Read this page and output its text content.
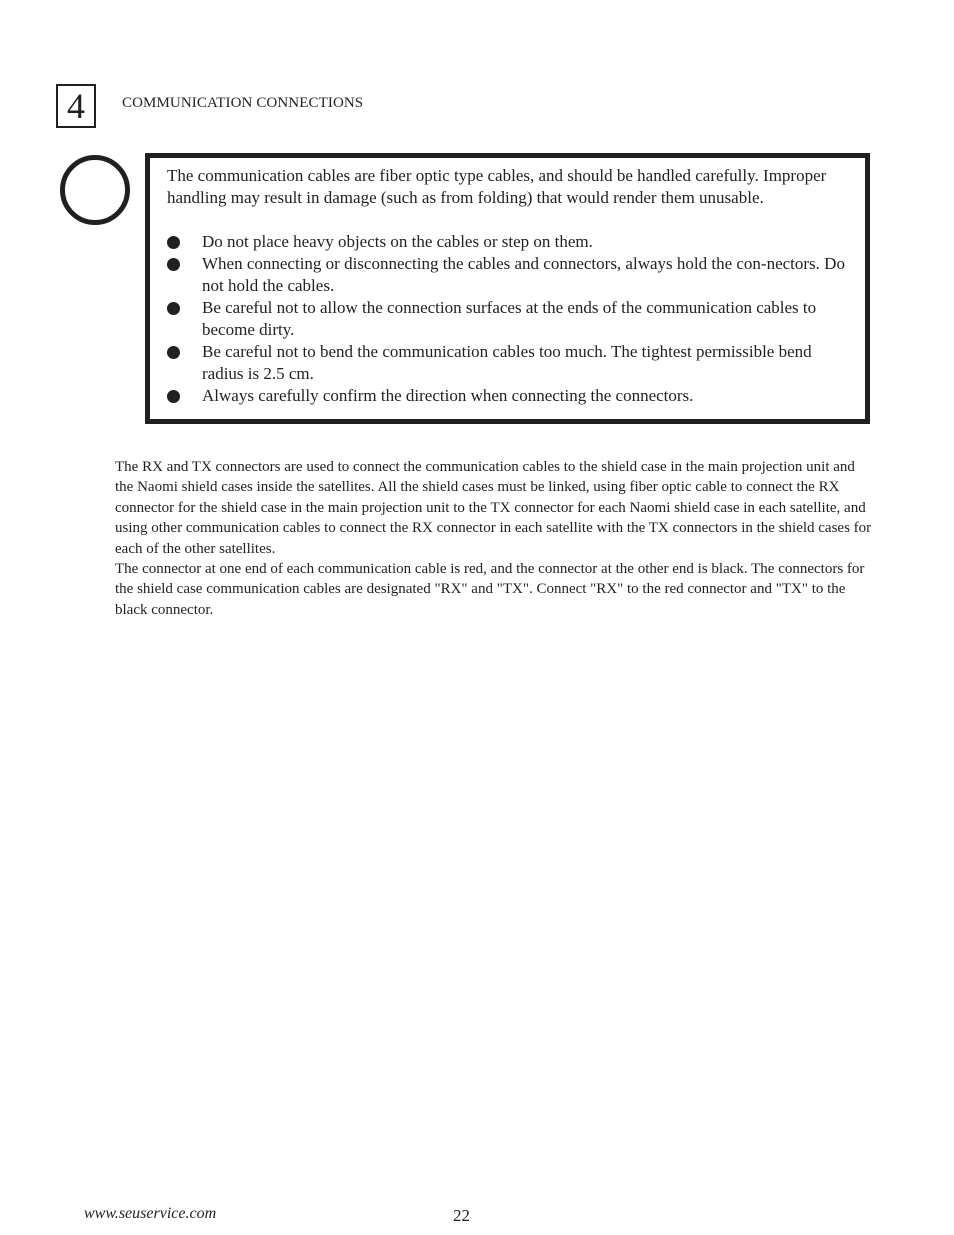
4 COMMUNICATION CONNECTIONS

The communication cables are fiber optic type cables, and should be handled carefully. Improper handling may result in damage (such as from folding) that would render them unusable.

Do not place heavy objects on the cables or step on them.
When connecting or disconnecting the cables and connectors, always hold the con-nectors. Do not hold the cables.
Be careful not to allow the connection surfaces at the ends of the communication cables to become dirty.
Be careful not to bend the communication cables too much. The tightest permissible bend radius is 2.5 cm.
Always carefully confirm the direction when connecting the connectors.

The RX and TX connectors are used to connect the communication cables to the shield case in the main projection unit and the Naomi shield cases inside the satellites. All the shield cases must be linked, using fiber optic cable to connect the RX connector for the shield case in the main projection unit to the TX connector for each Naomi shield case in each satellite, and using other communication cables to connect the RX connector in each satellite with the TX connectors in the shield cases for each of the other satellites.

The connector at one end of each communication cable is red, and the connector at the other end is black. The connectors for the shield case communication cables are designated "RX" and "TX". Connect "RX" to the red connector and "TX" to the black connector.

www.seuservice.com	22
